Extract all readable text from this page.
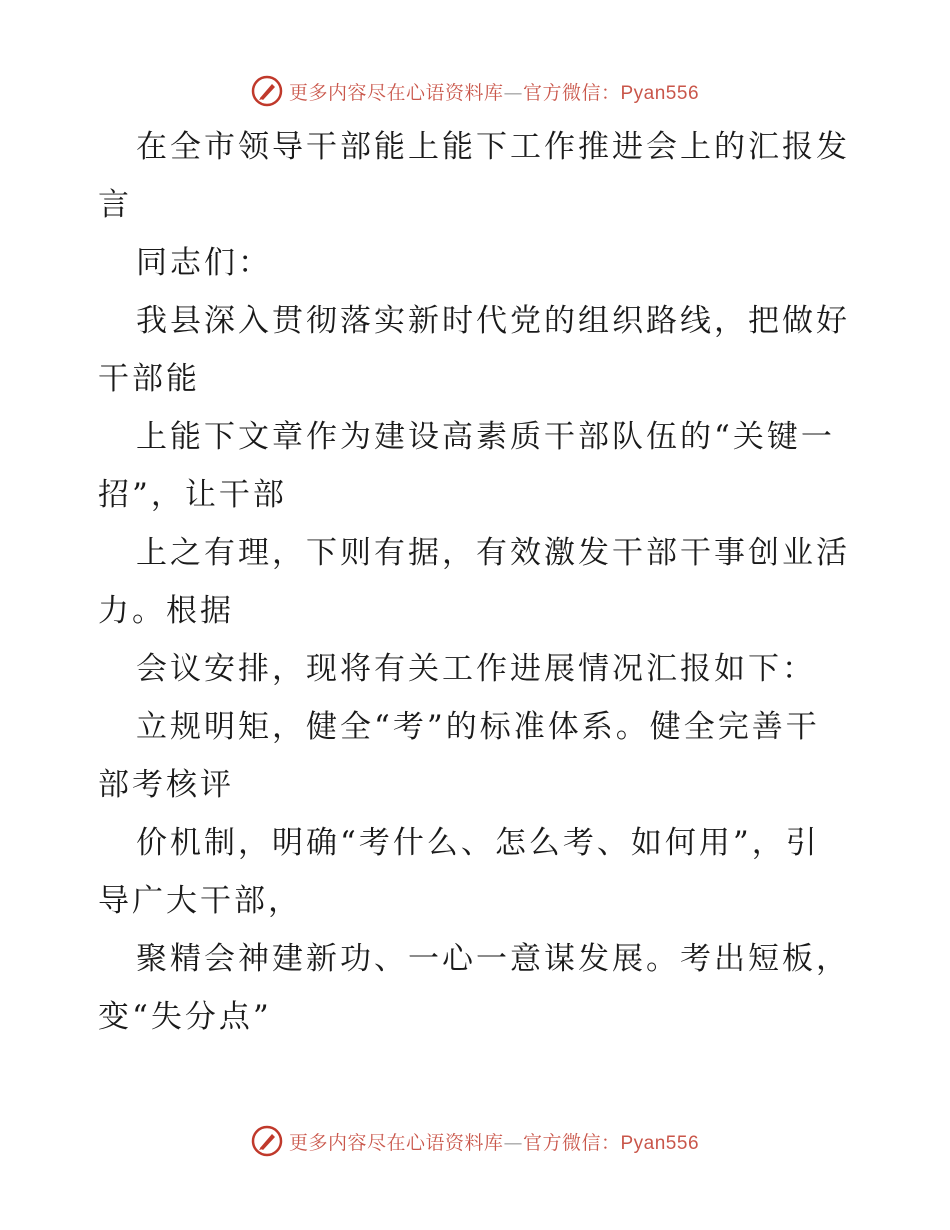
更多内容尽在心语资料库—官方微信：Pyan556
在全市领导干部能上能下工作推进会上的汇报发
言
同志们：
我县深入贯彻落实新时代党的组织路线，把做好
干部能
上能下文章作为建设高素质干部队伍的“关键一
招”，让干部
上之有理，下则有据，有效激发干部干事创业活
力。根据
会议安排，现将有关工作进展情况汇报如下：
立规明矩，健全“考”的标准体系。健全完善干
部考核评
价机制，明确“考什么、怎么考、如何用”，引
导广大干部，
聚精会神建新功、一心一意谋发展。考出短板，
变“失分点”
更多内容尽在心语资料库—官方微信：Pyan556
